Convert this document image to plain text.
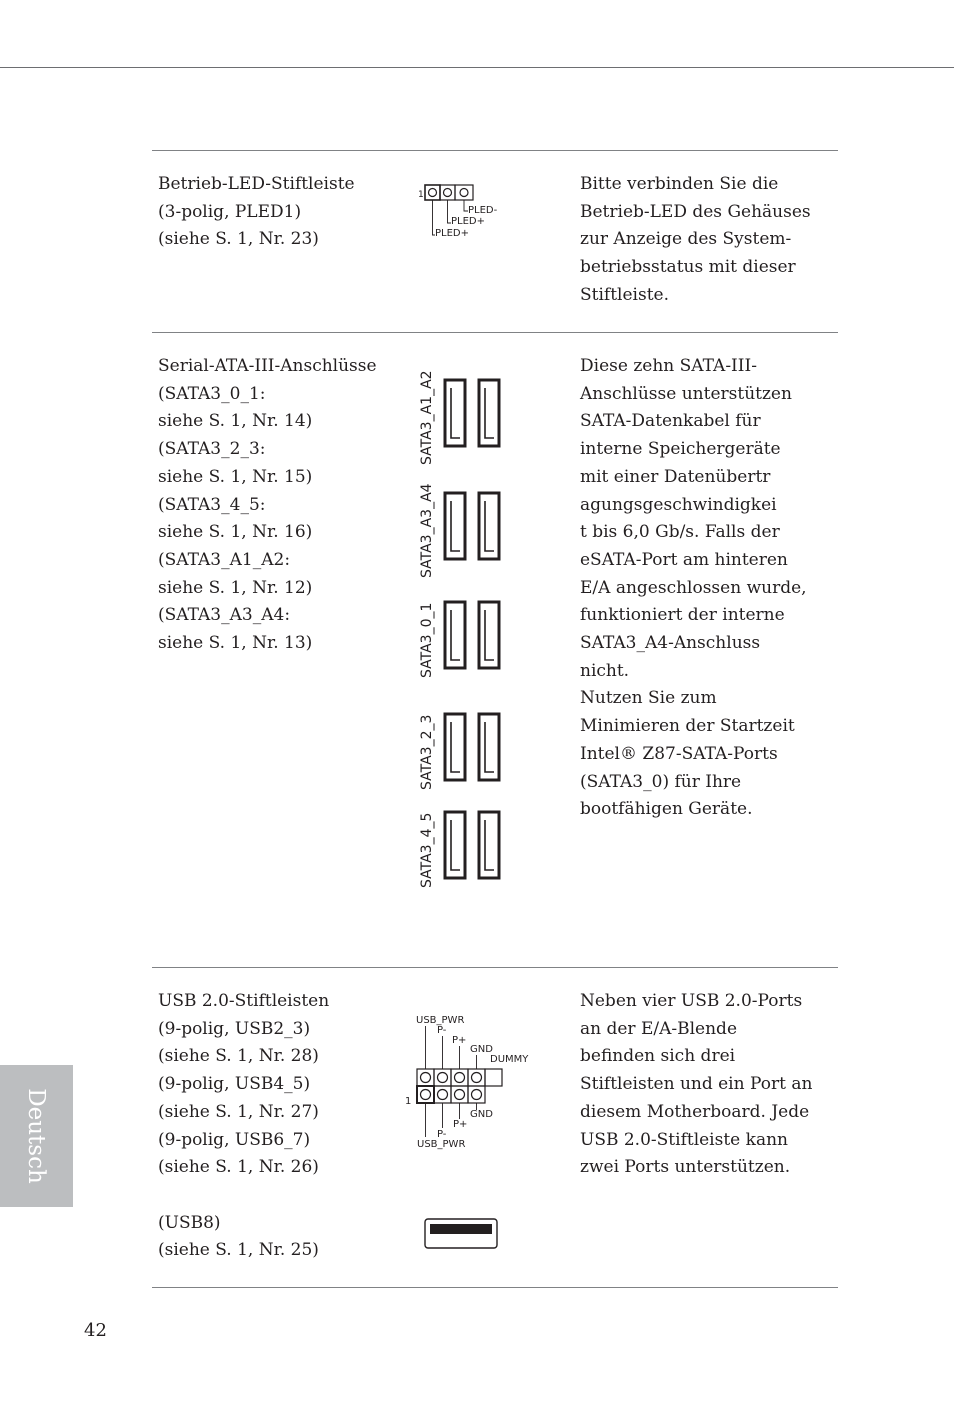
Betrieb-LED-Stiftleiste
(3-polig, PLED1)
(siehe S. 1, Nr. 23)
Bitte verbinden Sie die
Betrieb-LED des Gehäuses
zur Anzeige des System-
betriebsstatus mit dieser
Stiftleiste.
1
PLED-
PLED+
PLED+
Serial-ATA-III-Anschlüsse
(SATA3_0_1:
siehe S. 1, Nr. 14)
(SATA3_2_3:
siehe S. 1, Nr. 15)
(SATA3_4_5:
siehe S. 1, Nr. 16)
(SATA3_A1_A2:
siehe S. 1, Nr. 12)
(SATA3_A3_A4:
siehe S. 1, Nr. 13)
Diese zehn SATA-III-
Anschlüsse unterstützen
SATA-Datenkabel für
interne Speichergeräte
mit einer Datenübertr
agungsgeschwindigkei
t bis 6,0 Gb/s. Falls der
eSATA-Port am hinteren
E/A angeschlossen wurde,
funktioniert der interne
SATA3_A4-Anschluss
nicht.
Nutzen Sie zum
Minimieren der Startzeit
Intel® Z87-SATA-Ports
(SATA3_0) für Ihre
bootfähigen Geräte.
SATA3_A1_A2
SATA3_A3_A4
SATA3_0_1
SATA3_2_3
SATA3_4_5
USB 2.0-Stiftleisten
(9-polig, USB2_3)
(siehe S. 1, Nr. 28)
(9-polig, USB4_5)
(siehe S. 1, Nr. 27)
(9-polig, USB6_7)
(siehe S. 1, Nr. 26)

(USB8)
(siehe S. 1, Nr. 25)
Neben vier USB 2.0-Ports
an der E/A-Blende
befinden sich drei
Stiftleisten und ein Port an
diesem Motherboard. Jede
USB 2.0-Stiftleiste kann
zwei Ports unterstützen.
USB_PWR
P-
P+
GND
DUMMY
1
GND
P+
P-
USB_PWR
Deutsch
42
